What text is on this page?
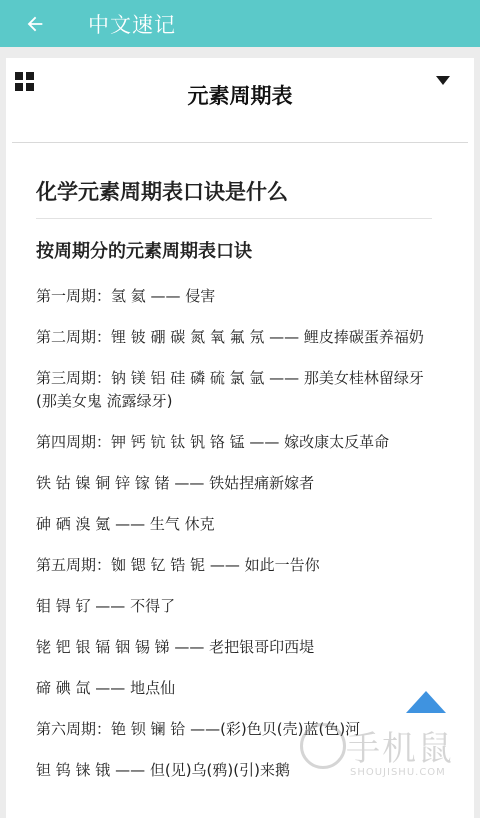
中文速记
元素周期表
化学元素周期表口诀是什么
按周期分的元素周期表口诀

第一周期：氢 氦 —— 侵害

第二周期：锂 铍 硼 碳 氮 氧 氟 氖 —— 鲤皮捧碳蛋养福奶

第三周期：钠 镁 铝 硅 磷 硫 氯 氩 —— 那美女桂林留绿牙(那美女鬼 流露绿牙)

第四周期：钾 钙 钪 钛 钒 铬 锰 —— 嫁改康太反革命

铁 钴 镍 铜 锌 镓 锗 —— 铁姑捏痛新嫁者

砷 硒 溴 氪 —— 生气 休克

第五周期：铷 锶 钇 锆 铌 —— 如此一告你

钼 锝 钌 —— 不得了

铑 钯 银 镉 铟 锡 锑 —— 老把银哥印西堤

碲 碘 氙 —— 地点仙

第六周期：铯 钡 镧 铪 ——(彩)色贝(壳)蓝(色)河

钽 钨 铼 锇 —— 但(见)乌(鸦)(引)来鹅

手机鼠
SHOUJISHU.COM
